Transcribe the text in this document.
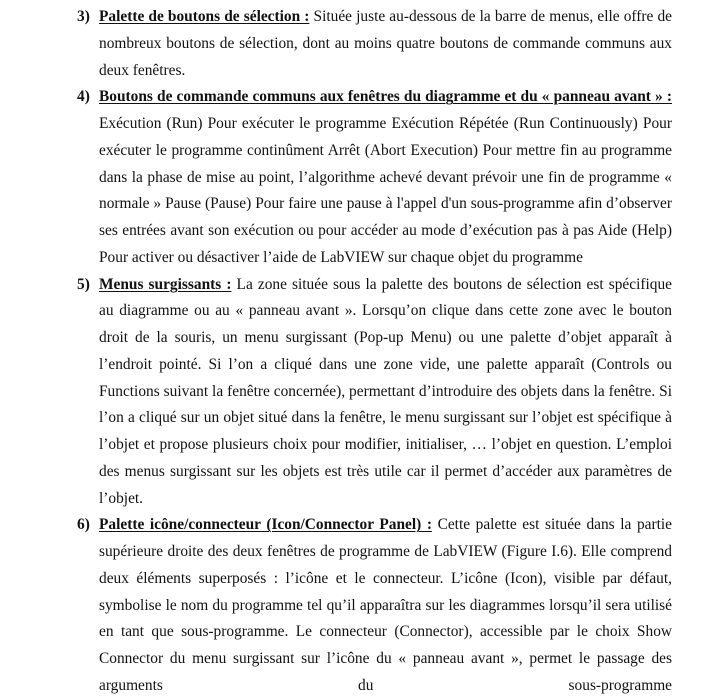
3) Palette de boutons de sélection : Située juste au-dessous de la barre de menus, elle offre de nombreux boutons de sélection, dont au moins quatre boutons de commande communs aux deux fenêtres.

4) Boutons de commande communs aux fenêtres du diagramme et du « panneau avant » : Exécution (Run) Pour exécuter le programme Exécution Répétée (Run Continuously) Pour exécuter le programme continûment Arrêt (Abort Execution) Pour mettre fin au programme dans la phase de mise au point, l’algorithme achevé devant prévoir une fin de programme « normale » Pause (Pause) Pour faire une pause à l'appel d'un sous-programme afin d’observer ses entrées avant son exécution ou pour accéder au mode d’exécution pas à pas Aide (Help) Pour activer ou désactiver l’aide de LabVIEW sur chaque objet du programme

5) Menus surgissants : La zone située sous la palette des boutons de sélection est spécifique au diagramme ou au « panneau avant ». Lorsqu’on clique dans cette zone avec le bouton droit de la souris, un menu surgissant (Pop-up Menu) ou une palette d’objet apparaît à l’endroit pointé. Si l’on a cliqué dans une zone vide, une palette apparaît (Controls ou Functions suivant la fenêtre concernée), permettant d’introduire des objets dans la fenêtre. Si l’on a cliqué sur un objet situé dans la fenêtre, le menu surgissant sur l’objet est spécifique à l’objet et propose plusieurs choix pour modifier, initialiser, … l’objet en question. L’emploi des menus surgissant sur les objets est très utile car il permet d’accéder aux paramètres de l’objet.

6) Palette icône/connecteur (Icon/Connector Panel) : Cette palette est située dans la partie supérieure droite des deux fenêtres de programme de LabVIEW (Figure I.6). Elle comprend deux éléments superposés : l’icône et le connecteur. L’icône (Icon), visible par défaut, symbolise le nom du programme tel qu’il apparaîtra sur les diagrammes lorsqu’il sera utilisé en tant que sous-programme. Le connecteur (Connector), accessible par le choix Show Connector du menu surgissant sur l’icône du « panneau avant », permet le passage des arguments du sous-programme
